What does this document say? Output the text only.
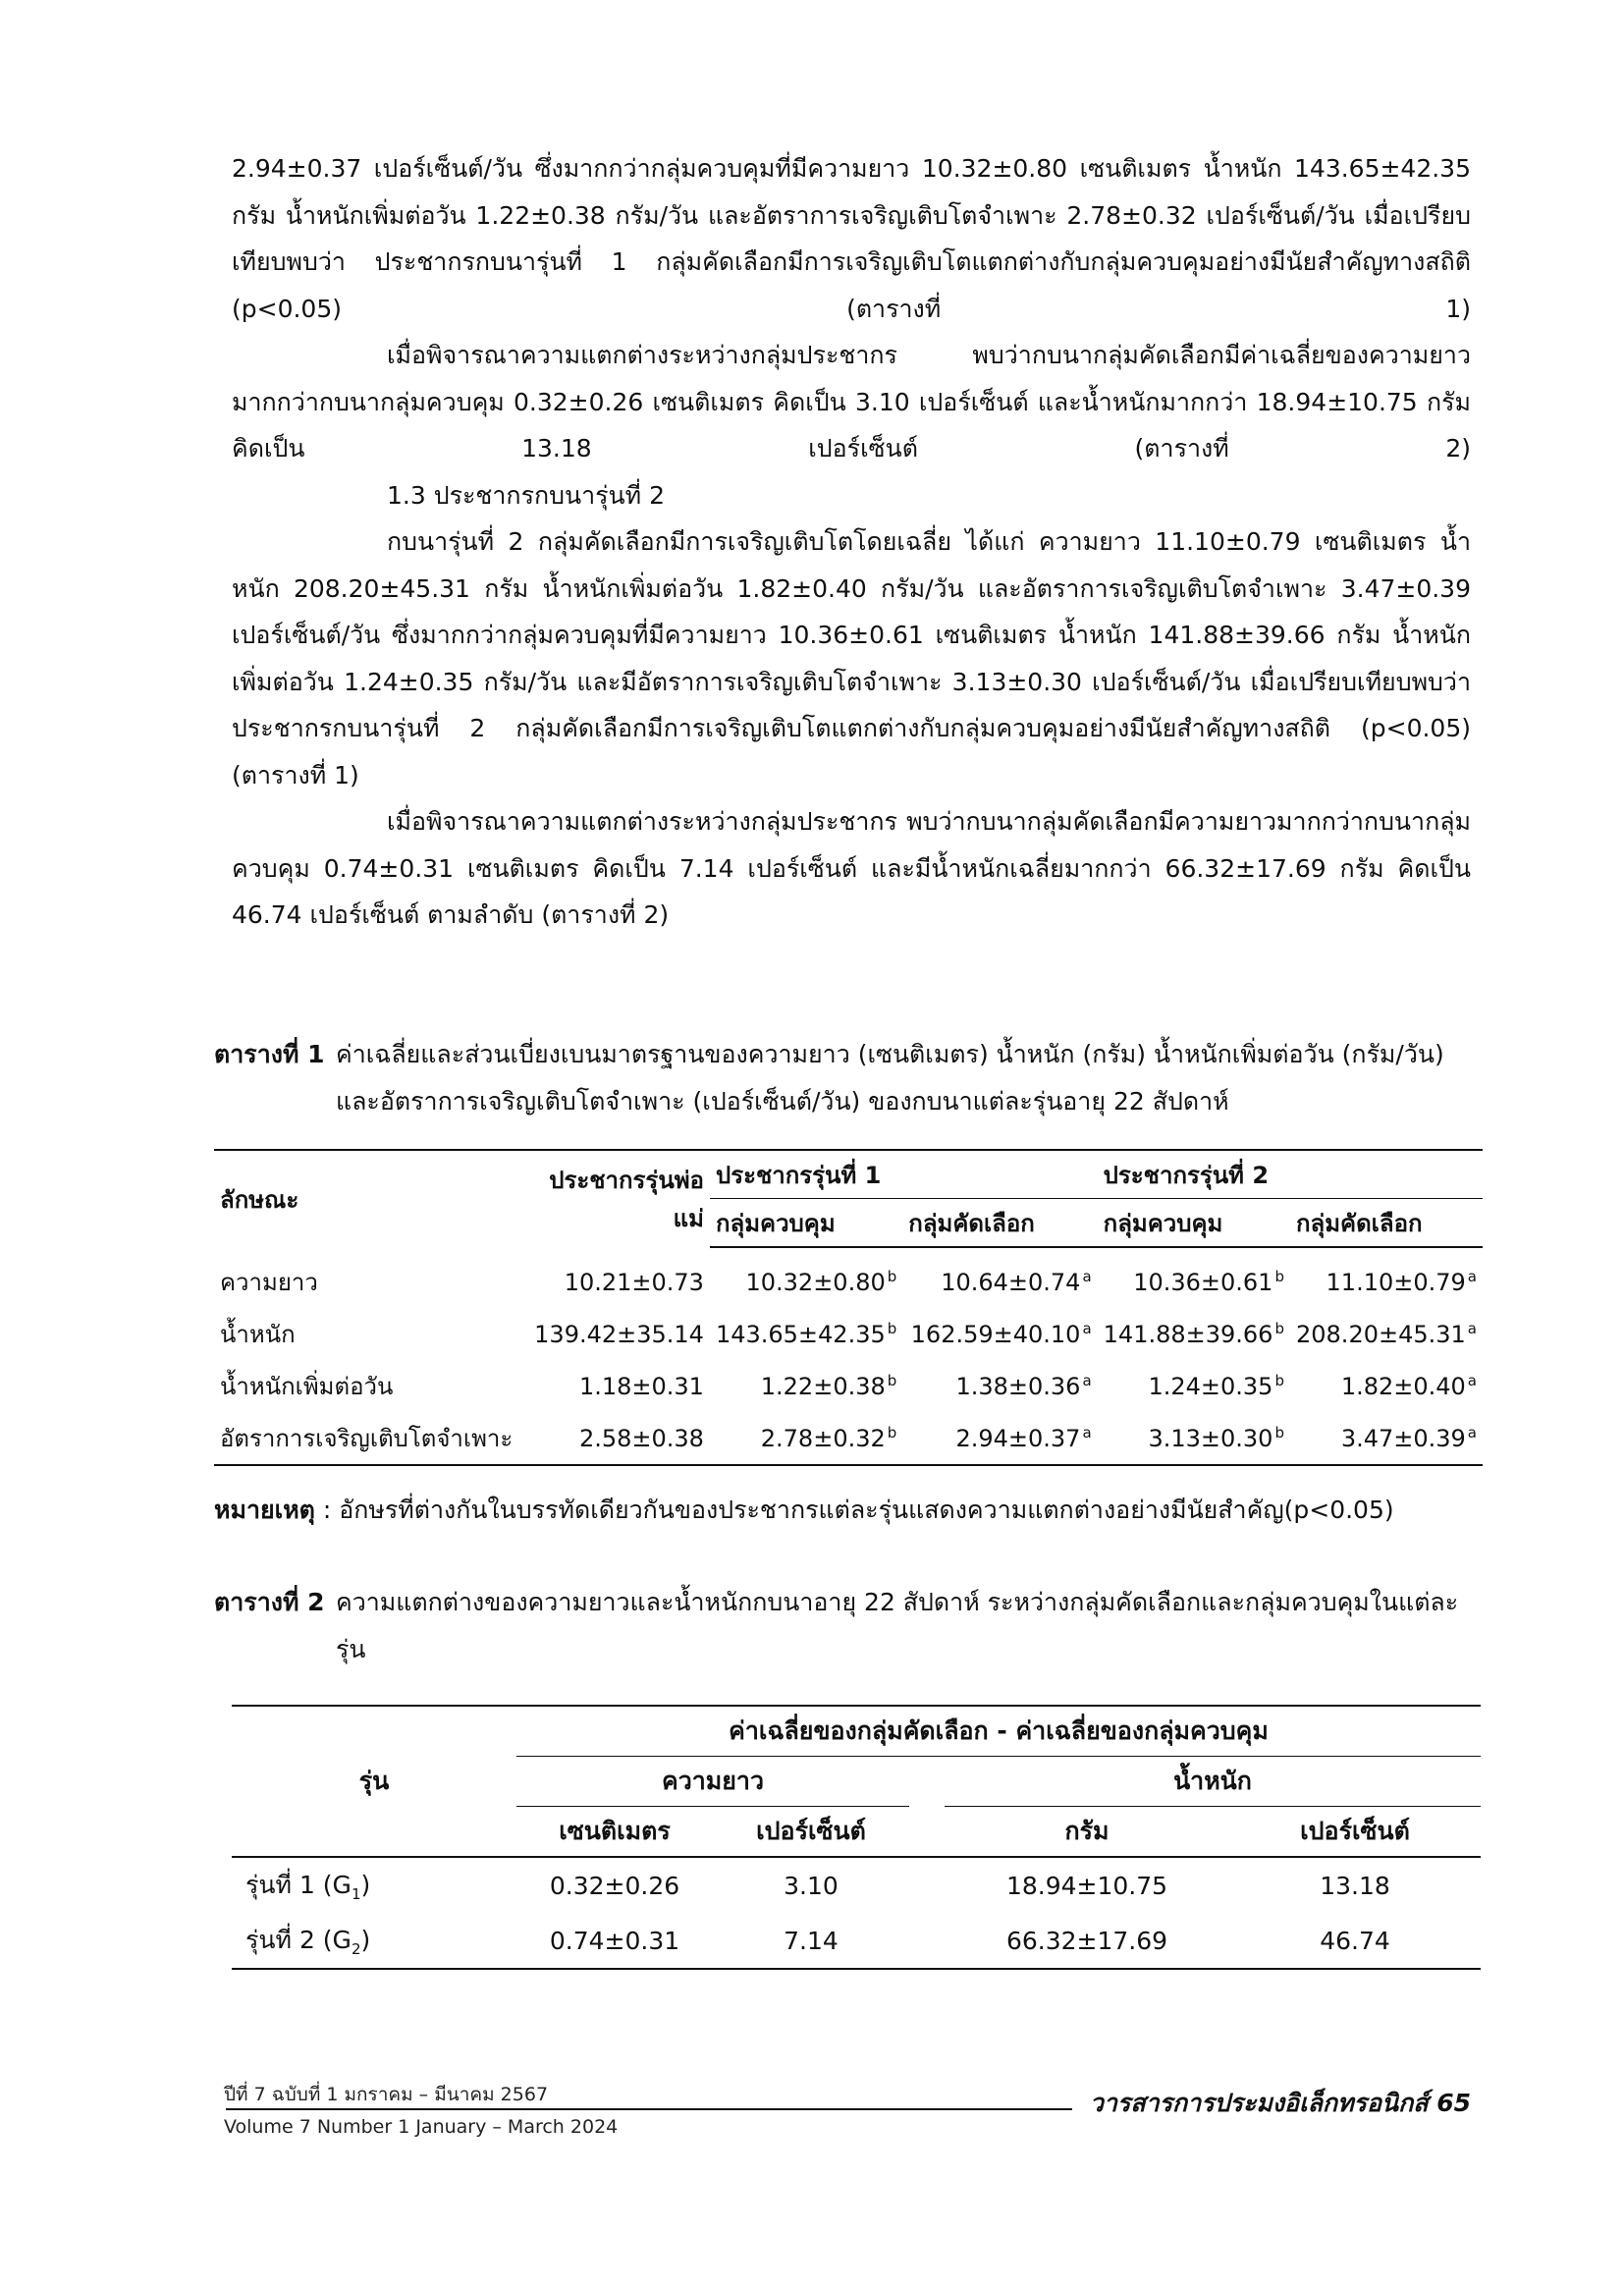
2.94±0.37 เปอร์เซ็นต์/วัน ซึ่งมากกว่ากลุ่มควบคุมที่มีความยาว 10.32±0.80 เซนติเมตร น้ำหนัก 143.65±42.35 กรัม น้ำหนักเพิ่มต่อวัน 1.22±0.38 กรัม/วัน และอัตราการเจริญเติบโตจำเพาะ 2.78±0.32 เปอร์เซ็นต์/วัน เมื่อเปรียบเทียบพบว่า ประชากรกบนารุ่นที่ 1 กลุ่มคัดเลือกมีการเจริญเติบโตแตกต่างกับกลุ่มควบคุมอย่างมีนัยสำคัญทางสถิติ (p<0.05) (ตารางที่ 1)

เมื่อพิจารณาความแตกต่างระหว่างกลุ่มประชากร พบว่ากบนากลุ่มคัดเลือกมีค่าเฉลี่ยของความยาวมากกว่ากบนากลุ่มควบคุม 0.32±0.26 เซนติเมตร คิดเป็น 3.10 เปอร์เซ็นต์ และน้ำหนักมากกว่า 18.94±10.75 กรัม คิดเป็น 13.18 เปอร์เซ็นต์ (ตารางที่ 2)

1.3 ประชากรกบนารุ่นที่ 2

กบนารุ่นที่ 2 กลุ่มคัดเลือกมีการเจริญเติบโตโดยเฉลี่ย ได้แก่ ความยาว 11.10±0.79 เซนติเมตร น้ำหนัก 208.20±45.31 กรัม น้ำหนักเพิ่มต่อวัน 1.82±0.40 กรัม/วัน และอัตราการเจริญเติบโตจำเพาะ 3.47±0.39 เปอร์เซ็นต์/วัน ซึ่งมากกว่ากลุ่มควบคุมที่มีความยาว 10.36±0.61 เซนติเมตร น้ำหนัก 141.88±39.66 กรัม น้ำหนักเพิ่มต่อวัน 1.24±0.35 กรัม/วัน และมีอัตราการเจริญเติบโตจำเพาะ 3.13±0.30 เปอร์เซ็นต์/วัน เมื่อเปรียบเทียบพบว่า ประชากรกบนารุ่นที่ 2 กลุ่มคัดเลือกมีการเจริญเติบโตแตกต่างกับกลุ่มควบคุมอย่างมีนัยสำคัญทางสถิติ (p<0.05) (ตารางที่ 1)

เมื่อพิจารณาความแตกต่างระหว่างกลุ่มประชากร พบว่ากบนากลุ่มคัดเลือกมีความยาวมากกว่ากบนากลุ่มควบคุม 0.74±0.31 เซนติเมตร คิดเป็น 7.14 เปอร์เซ็นต์ และมีน้ำหนักเฉลี่ยมากกว่า 66.32±17.69 กรัม คิดเป็น 46.74 เปอร์เซ็นต์ ตามลำดับ (ตารางที่ 2)

ตารางที่ 1 ค่าเฉลี่ยและส่วนเบี่ยงเบนมาตรฐานของความยาว (เซนติเมตร) น้ำหนัก (กรัม) น้ำหนักเพิ่มต่อวัน (กรัม/วัน) และอัตราการเจริญเติบโตจำเพาะ (เปอร์เซ็นต์/วัน) ของกบนาแต่ละรุ่นอายุ 22 สัปดาห์
ลักษณะ	ประชากรรุ่นพ่อแม่	ประชากรรุ่นที่ 1		ประชากรรุ่นที่ 2	
		กลุ่มควบคุม	กลุ่มคัดเลือก	กลุ่มควบคุม	กลุ่มคัดเลือก

ความยาว	10.21±0.73	10.32±0.80 $^b$	10.64±0.74 $^a$	10.36±0.61 $^b$	11.10±0.79 $^a$
น้ำหนัก	139.42±35.14	143.65±42.35 $^b$	162.59±40.10 $^a$	141.88±39.66 $^b$	208.20±45.31 $^a$
น้ำหนักเพิ่มต่อวัน	1.18±0.31	1.22±0.38 $^b$	1.38±0.36 $^a$	1.24±0.35 $^b$	1.82±0.40 $^a$
อัตราการเจริญเติบโตจำเพาะ	2.58±0.38	2.78±0.32 $^b$	2.94±0.37 $^a$	3.13±0.30 $^b$	3.47±0.39 $^a$
หมายเหตุ : อักษรที่ต่างกันในบรรทัดเดียวกันของประชากรแต่ละรุ่นแสดงความแตกต่างอย่างมีนัยสำคัญ(p<0.05)
ตารางที่ 2 ความแตกต่างของความยาวและน้ำหนักกบนาอายุ 22 สัปดาห์ ระหว่างกลุ่มคัดเลือกและกลุ่มควบคุมในแต่ละรุ่น
รุ่น	ค่าเฉลี่ยของกลุ่มคัดเลือก - ค่าเฉลี่ยของกลุ่มควบคุม				
	ความยาว			น้ำหนัก	
	เซนติเมตร	เปอร์เซ็นต์		กรัม	เปอร์เซ็นต์
รุ่นที่ 1 $(G_1)$	0.32±0.26	3.10		18.94±10.75	13.18
รุ่นที่ 2 $(G_2)$	0.74±0.31	7.14		66.32±17.69	46.74
ปีที่ 7 ฉบับที่ 1 มกราคม – มีนาคม 2567	วารสารการประมงอิเล็กทรอนิกส์ 65
Volume 7 Number 1 January – March 2024
